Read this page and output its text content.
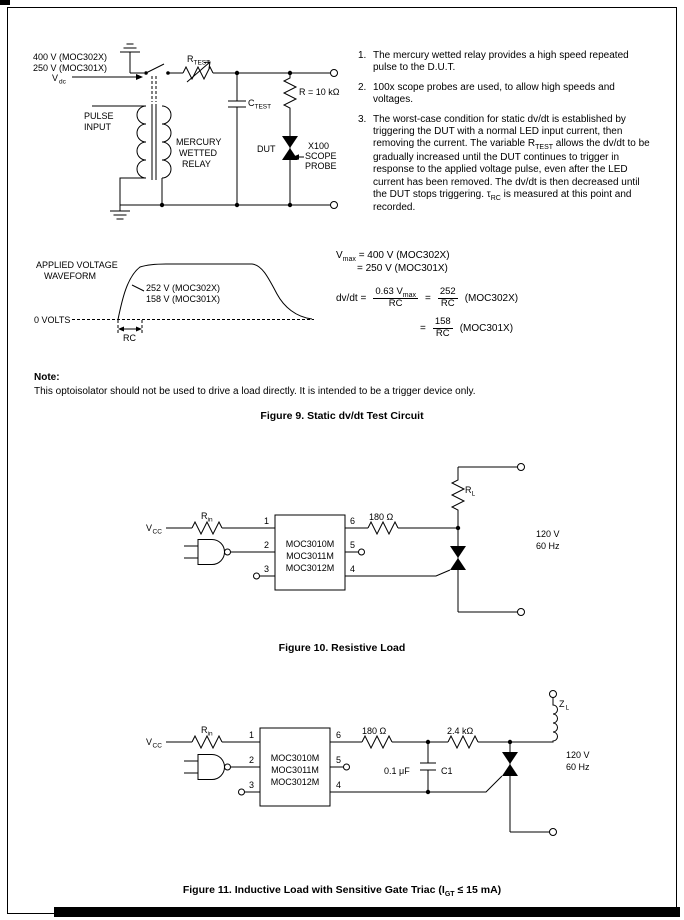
400 V (MOC302X)
250 V (MOC301X)
V dc
R TEST
R = 10 kΩ
C TEST
PULSE
INPUT
MERCURY
WETTED
RELAY
DUT	X100
SCOPE
PROBE
APPLIED VOLTAGE
WAVEFORM
252 V (MOC302X)
158 V (MOC301X)
0 VOLTS
RC
V CC
R in	1
2
3
6
5
4
MOC3010M
MOC3011M
MOC3012M
180 Ω
R L
120 V
60 Hz
V CC
R in	1
2
3
6
5
4
MOC3010M
MOC3011M
MOC3012M
180 Ω	2.4 kΩ
0.1 μF	C1
Z L
120 V
60 Hz
1. The mercury wetted relay provides a high speed repeated pulse to the D.U.T.
2. 100x scope probes are used, to allow high speeds and voltages.
3. The worst-case condition for static dv/dt is established by triggering the DUT with a normal LED input current, then removing the current. The variable $R_{TEST}$ allows the dv/dt to be gradually increased until the DUT continues to trigger in response to the applied voltage pulse, even after the LED current has been removed. The dv/dt is then decreased until the DUT stops triggering. $\tau_{RC}$ is measured at this point and recorded.
$V_{max} = 400$ V (MOC302X)
= 250 V (MOC301X)
$dv/dt = \frac{0.63 V_{max}}{RC} = \frac{252}{RC} (MOC302X)$
= $\frac{158}{RC} (MOC301X)$
Note:
This optoisolator should not be used to drive a load directly. It is intended to be a trigger device only.
Figure 9. Static dv/dt Test Circuit
Figure 10. Resistive Load
Figure 11. Inductive Load with Sensitive Gate Triac ($I_{GT} \le 15$ mA)
